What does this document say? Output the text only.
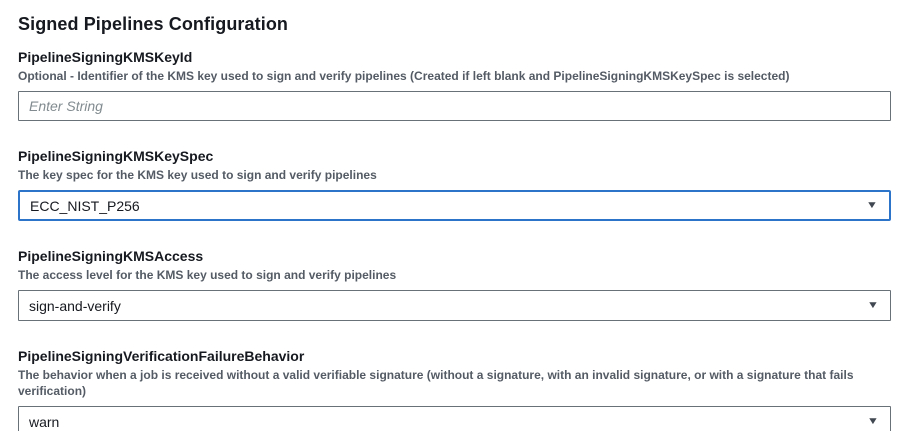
Signed Pipelines Configuration
PipelineSigningKMSKeyId
Optional - Identifier of the KMS key used to sign and verify pipelines (Created if left blank and PipelineSigningKMSKeySpec is selected)
Enter String
PipelineSigningKMSKeySpec
The key spec for the KMS key used to sign and verify pipelines
ECC_NIST_P256	▼
PipelineSigningKMSAccess
The access level for the KMS key used to sign and verify pipelines
sign-and-verify	▼
PipelineSigningVerificationFailureBehavior
The behavior when a job is received without a valid verifiable signature (without a signature, with an invalid signature, or with a signature that fails verification)
warn	▼
